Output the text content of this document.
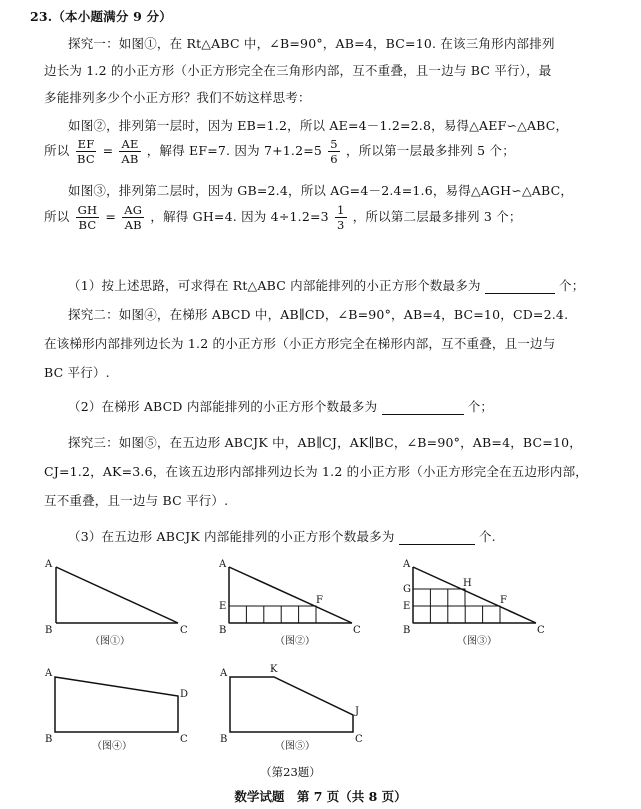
23.（本小题满分 9 分）
探究一：如图①，在 Rt△ABC 中，∠B=90°，AB=4，BC=10. 在该三角形内部排列
边长为 1.2 的小正方形（小正方形完全在三角形内部，互不重叠，且一边与 BC 平行），最
多能排列多少个小正方形？我们不妨这样思考：
如图②，排列第一层时，因为 EB=1.2，所以 AE=4－1.2=2.8，易得△AEF∽△ABC，
所以 $\frac{EF}{BC} = \frac{AE}{AB}$ ，解得 EF=7. 因为 $7+1.2=5 \frac{5}{6}$ ，所以第一层最多排列 5 个；
如图③，排列第二层时，因为 GB=2.4，所以 AG=4－2.4=1.6，易得△AGH∽△ABC，
所以 $\frac{GH}{BC} = \frac{AG}{AB}$ ，解得 GH=4. 因为 $4\div 1.2=3 \frac{1}{3}$ ，所以第二层最多排列 3 个；
（1）按上述思路，可求得在 Rt△ABC 内部能排列的小正方形个数最多为	个；
探究二：如图④，在梯形 ABCD 中，AB∥CD，∠B=90°，AB=4，BC=10，CD=2.4.
在该梯形内部排列边长为 1.2 的小正方形（小正方形完全在梯形内部，互不重叠，且一边与
BC 平行）.
（2）在梯形 ABCD 内部能排列的小正方形个数最多为	个；
探究三：如图⑤，在五边形 ABCJK 中，AB∥CJ，AK∥BC，∠B=90°，AB=4，BC=10，
CJ=1.2，AK=3.6，在该五边形内部排列边长为 1.2 的小正方形（小正方形完全在五边形内部，
互不重叠，且一边与 BC 平行）.
（3）在五边形 ABCJK 内部能排列的小正方形个数最多为	个.
A
B	C
（图①）
A
E
F
B	C
（图②）
A
G
H
E
F
B	C
（图③）
A
D
B	C
（图④）
A	K
J
B	C
（图⑤）
（第23题）
数学试题　第 7 页（共 8 页）
